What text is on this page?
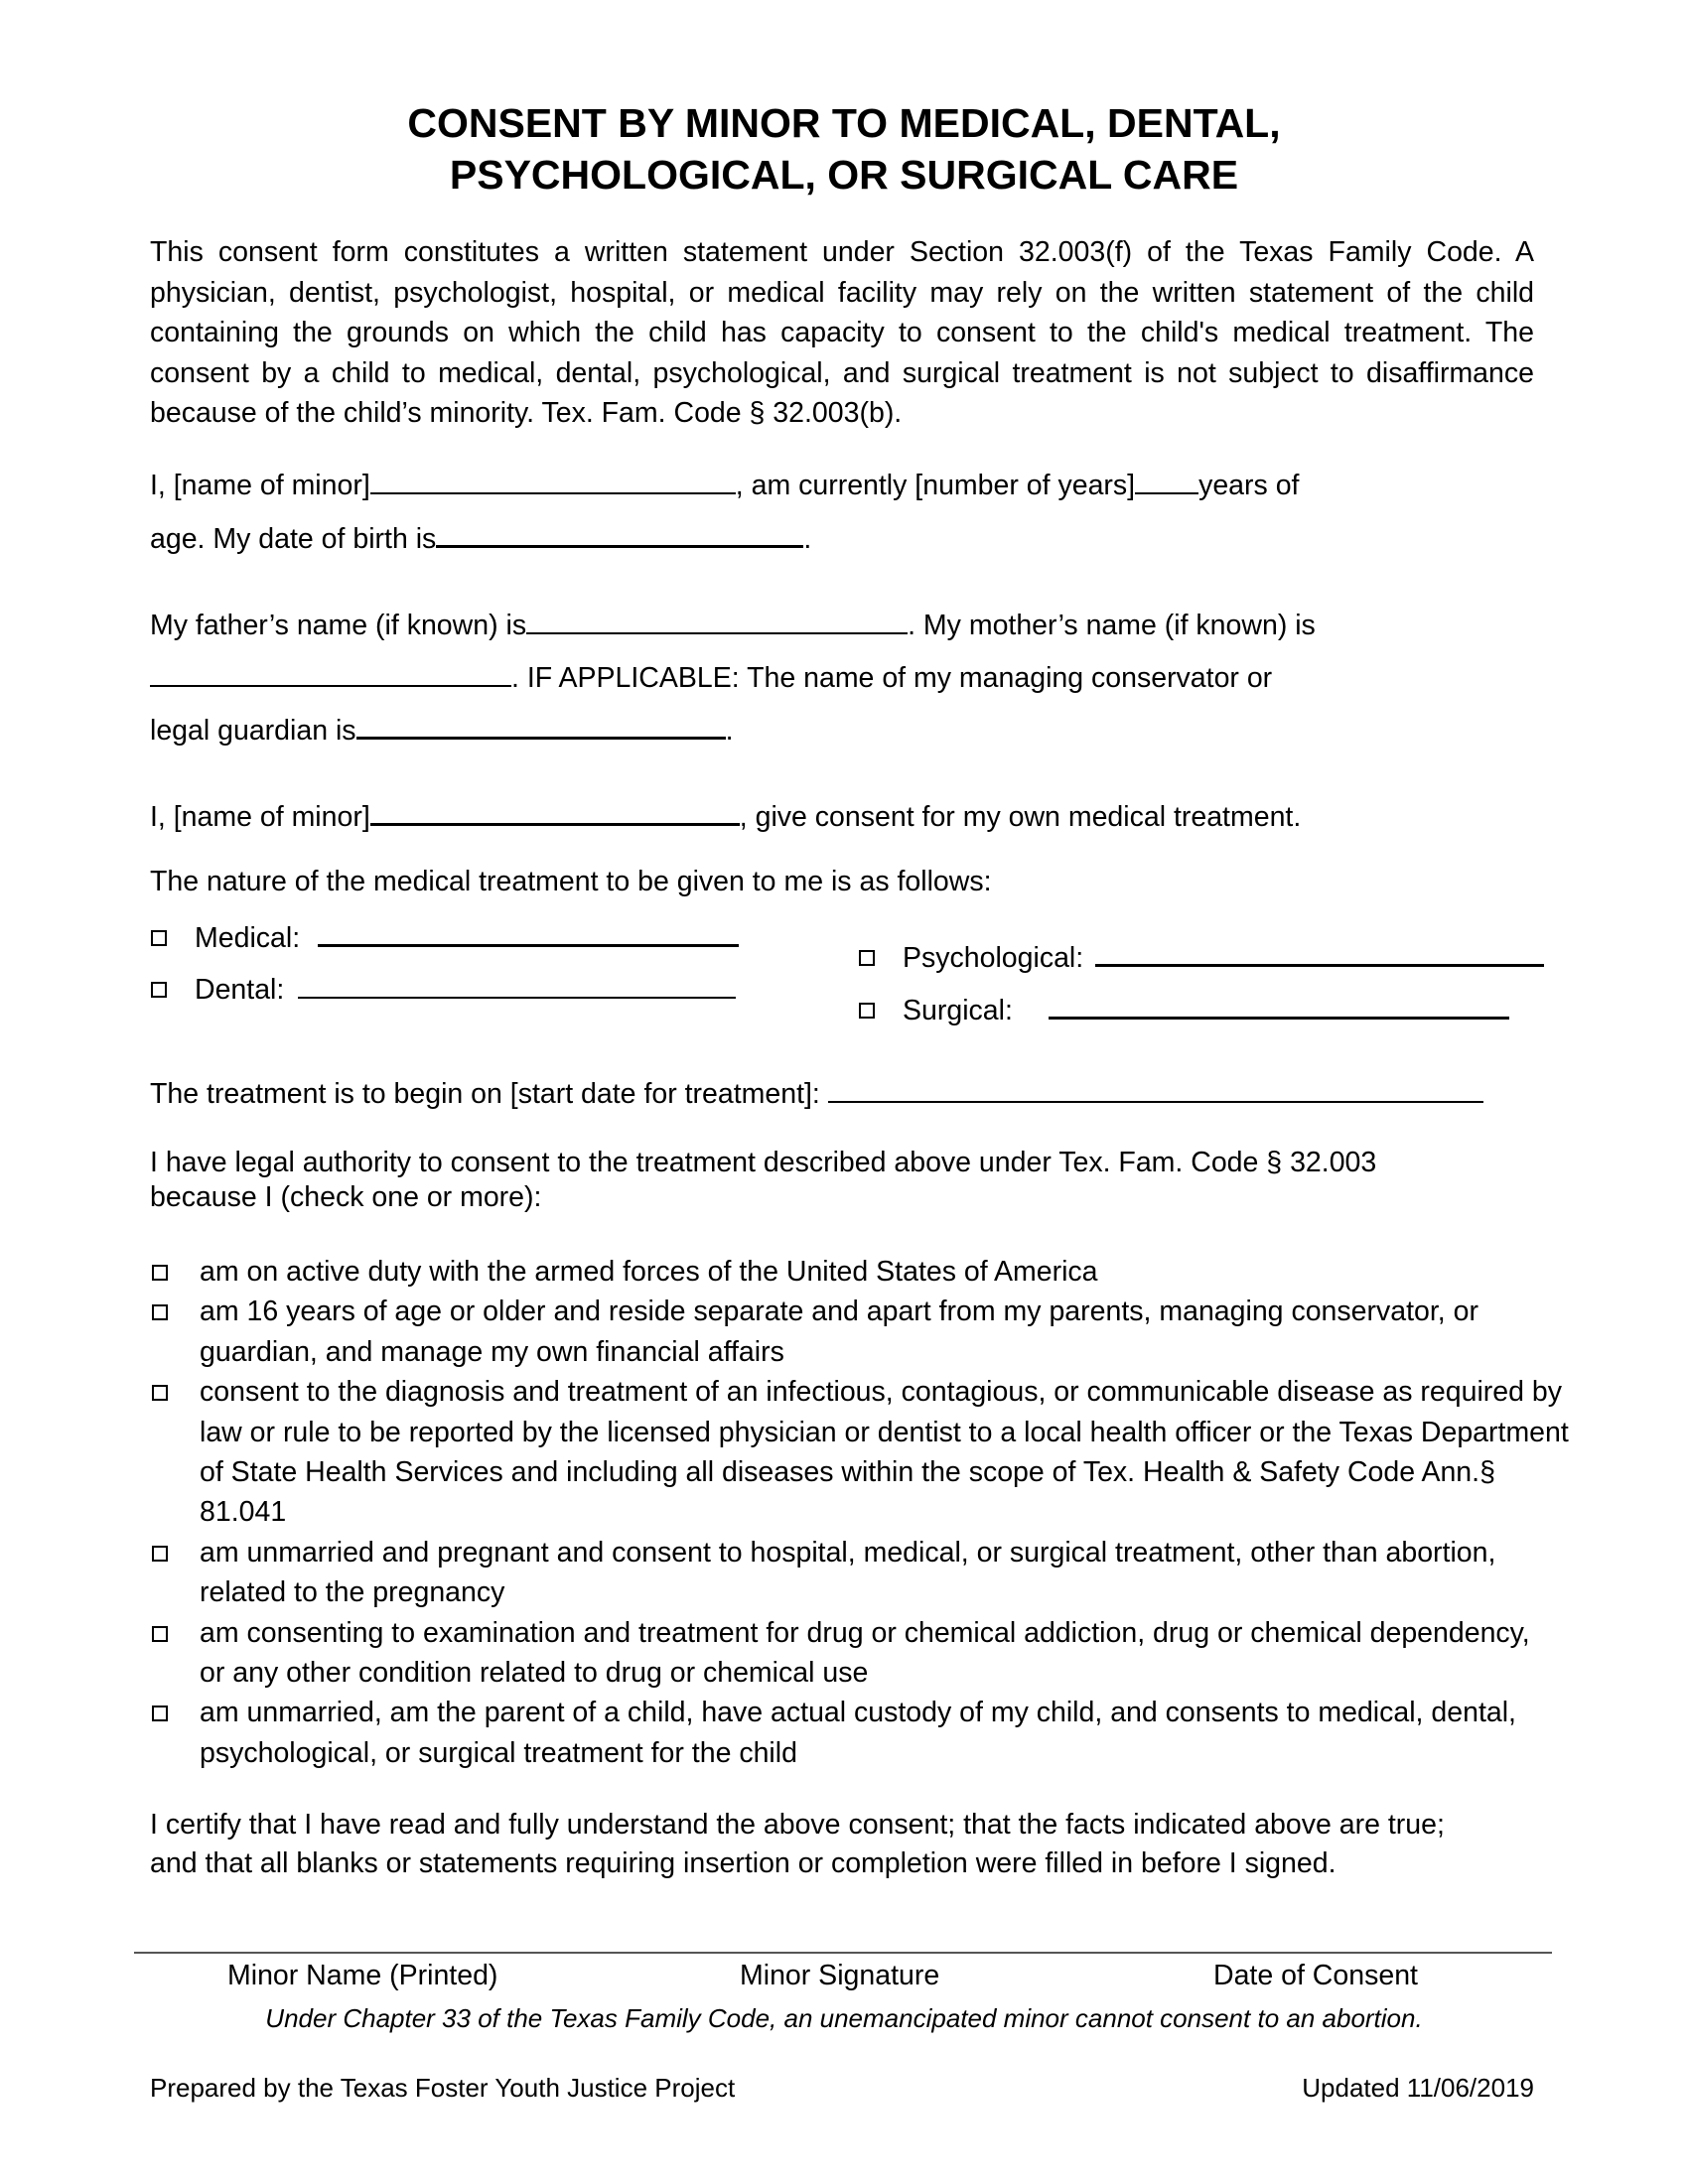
CONSENT BY MINOR TO MEDICAL, DENTAL,
PSYCHOLOGICAL, OR SURGICAL CARE
This consent form constitutes a written statement under Section 32.003(f) of the Texas Family Code. A physician, dentist, psychologist, hospital, or medical facility may rely on the written statement of the child containing the grounds on which the child has capacity to consent to the child's medical treatment. The consent by a child to medical, dental, psychological, and surgical treatment is not subject to disaffirmance because of the child’s minority. Tex. Fam. Code § 32.003(b).
I, [name of minor]	, am currently [number of years] years of
age. My date of birth is	.
My father’s name (if known) is	. My mother’s name (if known) is
. IF APPLICABLE: The name of my managing conservator or
legal guardian is	.
I, [name of minor]	, give consent for my own medical treatment.
The nature of the medical treatment to be given to me is as follows:
Medical:
Dental:
Psychological:
Surgical:
The treatment is to begin on [start date for treatment]:
I have legal authority to consent to the treatment described above under Tex. Fam. Code § 32.003
because I (check one or more):
am on active duty with the armed forces of the United States of America
am 16 years of age or older and reside separate and apart from my parents, managing conservator, or guardian, and manage my own financial affairs
consent to the diagnosis and treatment of an infectious, contagious, or communicable disease as required by law or rule to be reported by the licensed physician or dentist to a local health officer or the Texas Department of State Health Services and including all diseases within the scope of Tex. Health & Safety Code Ann.§ 81.041
am unmarried and pregnant and consent to hospital, medical, or surgical treatment, other than abortion, related to the pregnancy
am consenting to examination and treatment for drug or chemical addiction, drug or chemical dependency, or any other condition related to drug or chemical use
am unmarried, am the parent of a child, have actual custody of my child, and consents to medical, dental, psychological, or surgical treatment for the child
I certify that I have read and fully understand the above consent; that the facts indicated above are true;
and that all blanks or statements requiring insertion or completion were filled in before I signed.
Minor Name (Printed)	Minor Signature	Date of Consent
Under Chapter 33 of the Texas Family Code, an unemancipated minor cannot consent to an abortion.
Prepared by the Texas Foster Youth Justice Project	Updated 11/06/2019
